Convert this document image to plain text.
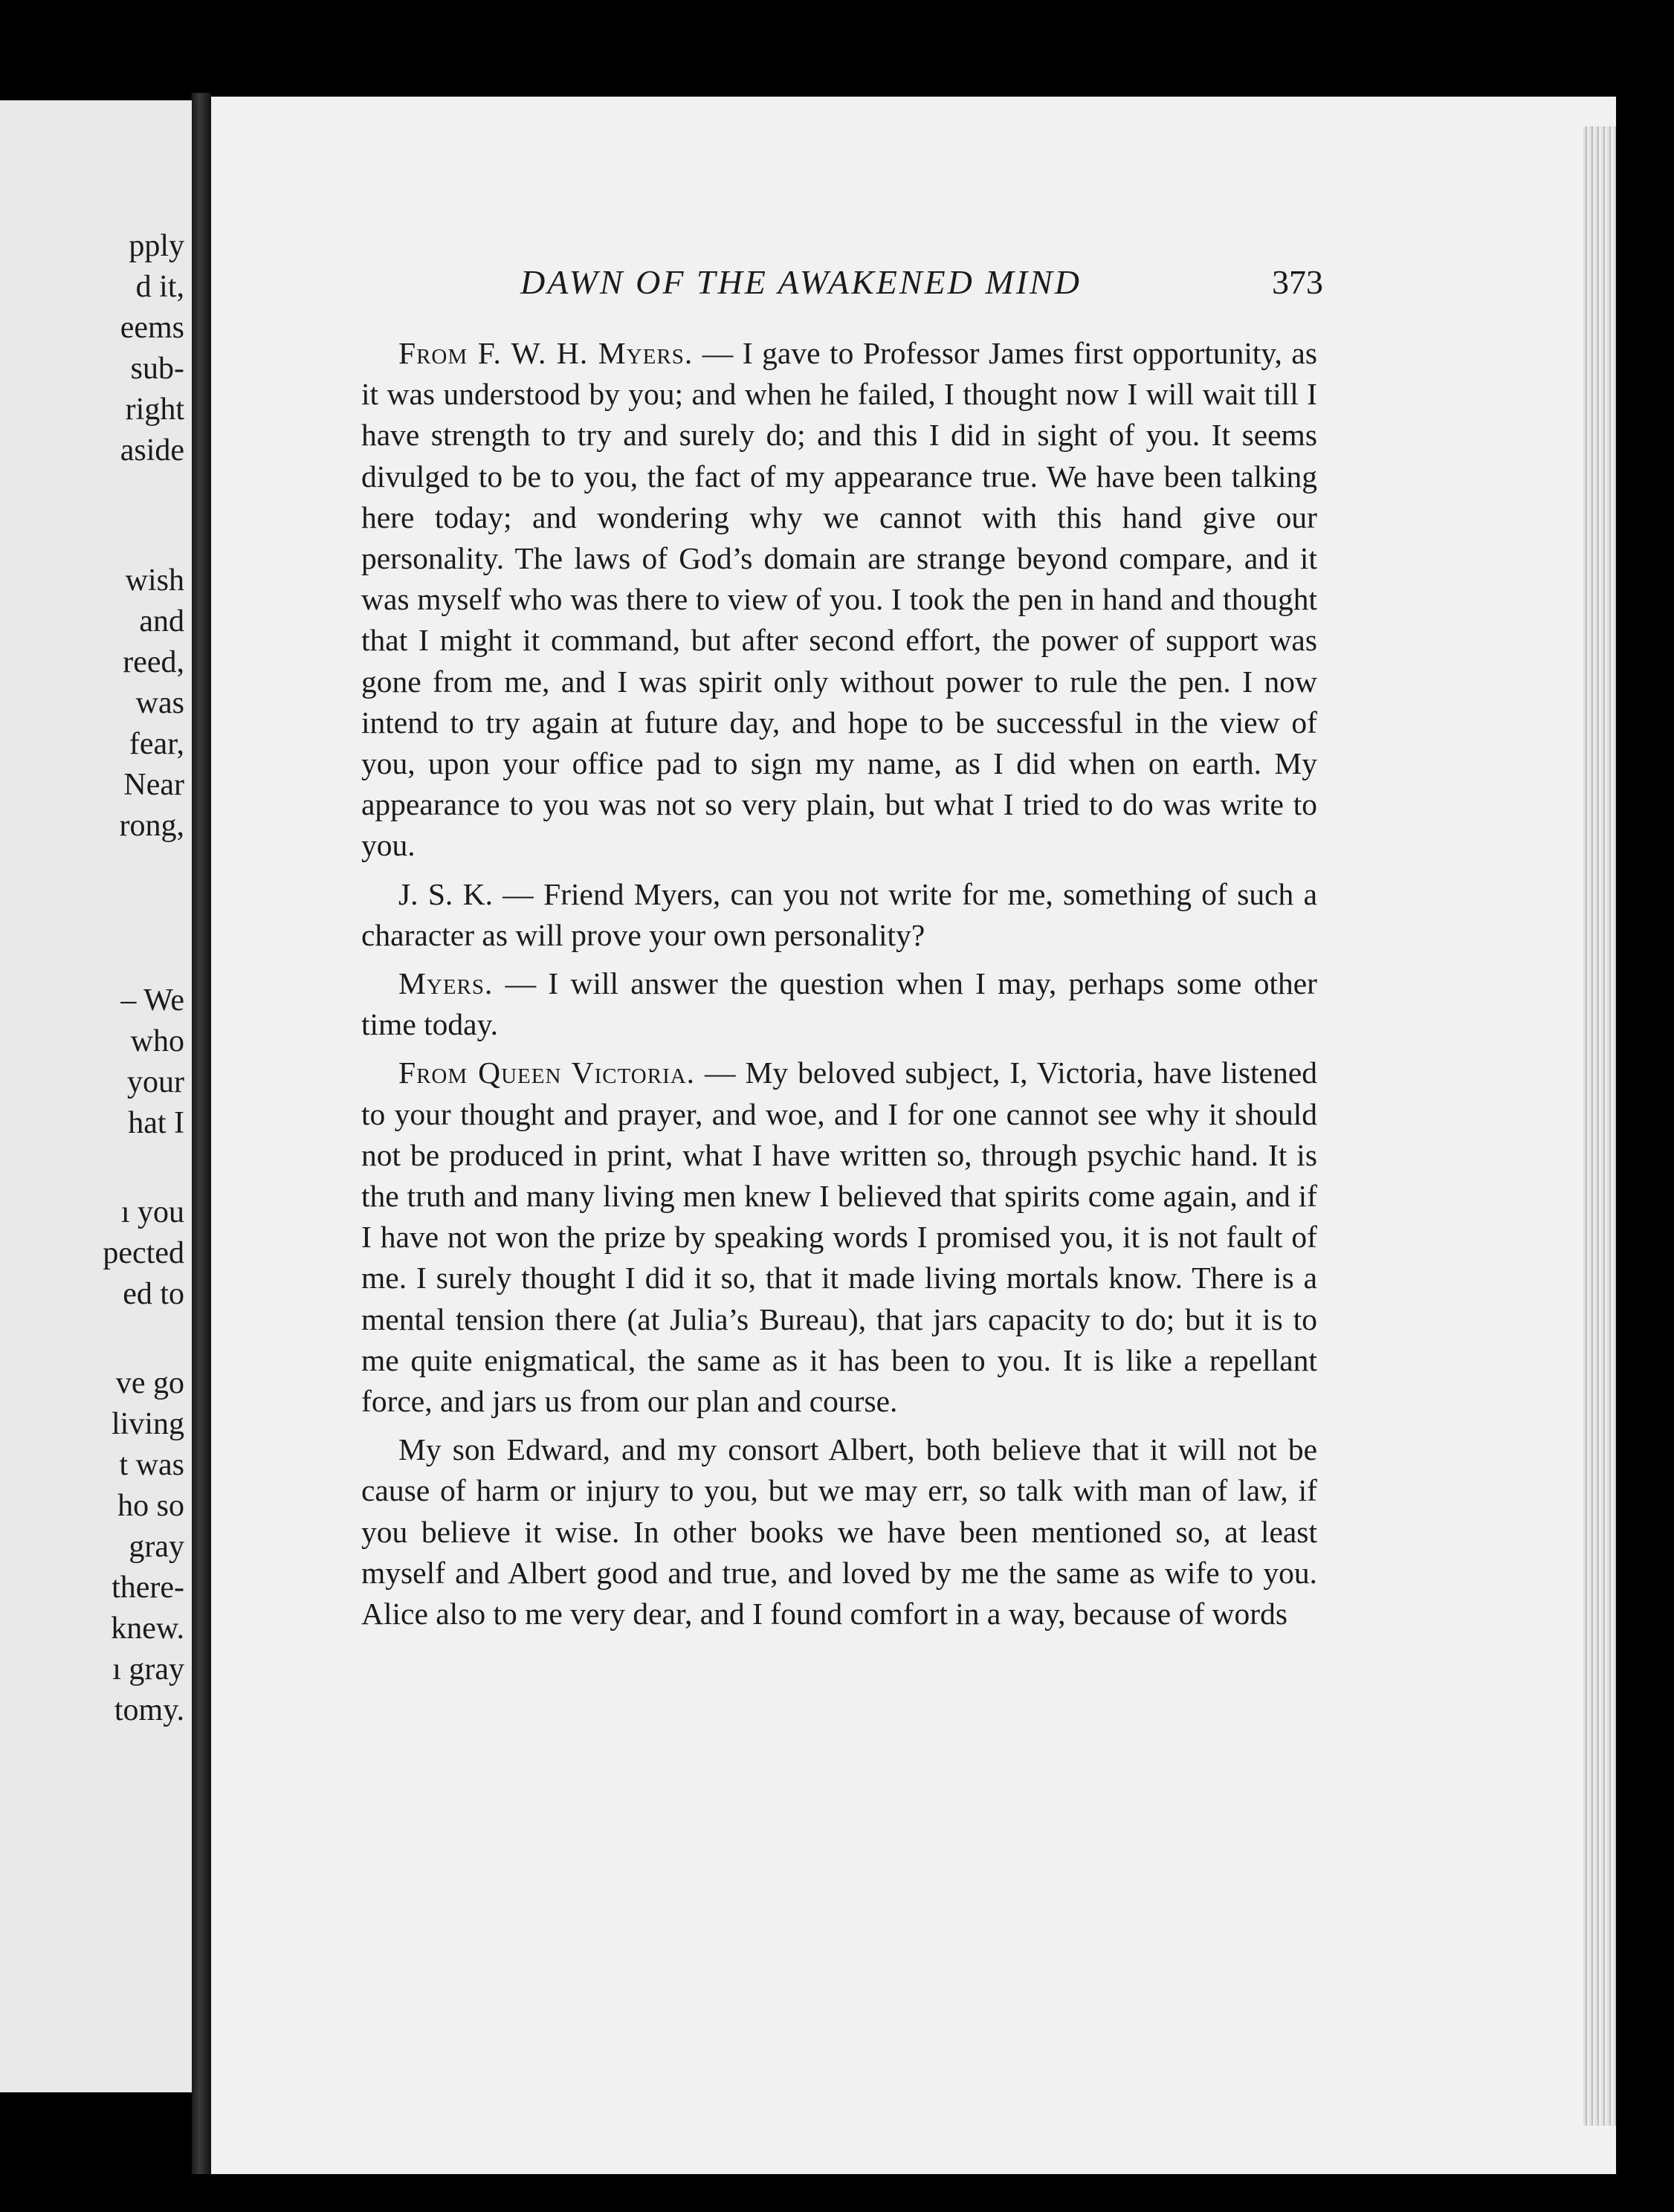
pply
d it,
eems
sub-
right
aside
wish
and
reed,
was
fear,
Near
rong,
– We
who
your
hat I
ı you
pected
ed to
ve go
living
t was
ho so
gray
there-
knew.
ı gray
tomy.
DAWN OF THE AWAKENED MIND	373

From F. W. H. Myers. — I gave to Professor James first opportunity, as it was understood by you; and when he failed, I thought now I will wait till I have strength to try and surely do; and this I did in sight of you. It seems divulged to be to you, the fact of my appearance true. We have been talking here today; and wondering why we cannot with this hand give our personality. The laws of God’s domain are strange beyond compare, and it was myself who was there to view of you. I took the pen in hand and thought that I might it command, but after second effort, the power of support was gone from me, and I was spirit only without power to rule the pen. I now intend to try again at future day, and hope to be successful in the view of you, upon your office pad to sign my name, as I did when on earth. My appearance to you was not so very plain, but what I tried to do was write to you.

J. S. K. — Friend Myers, can you not write for me, something of such a character as will prove your own personality?

Myers. — I will answer the question when I may, perhaps some other time today.

From Queen Victoria. — My beloved subject, I, Victoria, have listened to your thought and prayer, and woe, and I for one cannot see why it should not be produced in print, what I have written so, through psychic hand. It is the truth and many living men knew I believed that spirits come again, and if I have not won the prize by speaking words I promised you, it is not fault of me. I surely thought I did it so, that it made living mortals know. There is a mental tension there (at Julia’s Bureau), that jars capacity to do; but it is to me quite enigmatical, the same as it has been to you. It is like a repellant force, and jars us from our plan and course.

My son Edward, and my consort Albert, both believe that it will not be cause of harm or injury to you, but we may err, so talk with man of law, if you believe it wise. In other books we have been mentioned so, at least myself and Albert good and true, and loved by me the same as wife to you. Alice also to me very dear, and I found comfort in a way, because of words
